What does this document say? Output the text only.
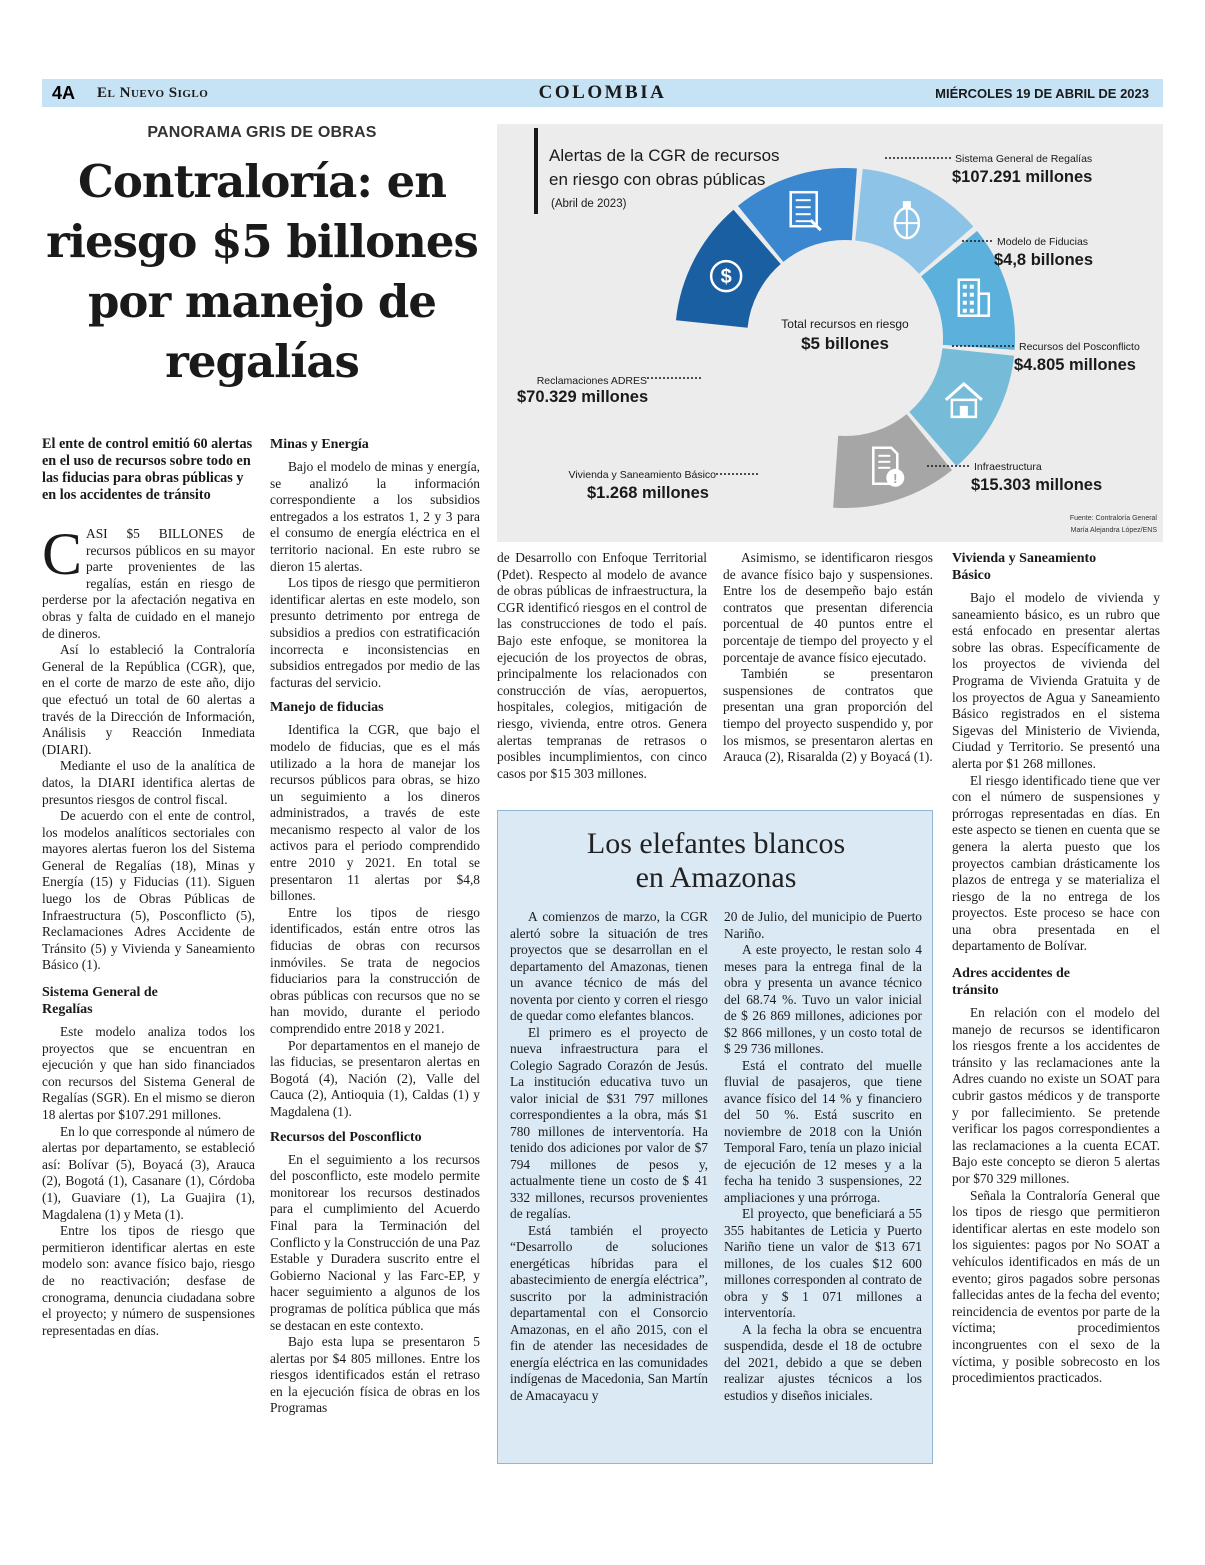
4A El Nuevo Siglo	COLOMBIA	MIÉRCOLES 19 DE ABRIL DE 2023
PANORAMA GRIS DE OBRAS
Contraloría: en riesgo $5 billones por manejo de regalías
El ente de control emitió 60 alertas en el uso de recursos sobre todo en las fiducias para obras públicas y en los accidentes de tránsito

CASI $5 BILLONES de recursos públicos en su mayor parte provenientes de las regalías, están en riesgo de perderse por la afectación negativa en obras y falta de cuidado en el manejo de dineros.

Así lo estableció la Contraloría General de la República (CGR), que, en el corte de marzo de este año, dijo que efectuó un total de 60 alertas a través de la Dirección de Información, Análisis y Reacción Inmediata (DIARI).

Mediante el uso de la analítica de datos, la DIARI identifica alertas de presuntos riesgos de control fiscal.

De acuerdo con el ente de control, los modelos analíticos sectoriales con mayores alertas fueron los del Sistema General de Regalías (18), Minas y Energía (15) y Fiducias (11). Siguen luego los de Obras Públicas de Infraestructura (5), Posconflicto (5), Reclamaciones Adres Accidente de Tránsito (5) y Vivienda y Saneamiento Básico (1).

Sistema General de Regalías

Este modelo analiza todos los proyectos que se encuentran en ejecución y que han sido financiados con recursos del Sistema General de Regalías (SGR). En el mismo se dieron 18 alertas por $107.291 millones.

En lo que corresponde al número de alertas por departamento, se estableció así: Bolívar (5), Boyacá (3), Arauca (2), Bogotá (1), Casanare (1), Córdoba (1), Guaviare (1), La Guajira (1), Magdalena (1) y Meta (1).

Entre los tipos de riesgo que permitieron identificar alertas en este modelo son: avance físico bajo, riesgo de no reactivación; desfase de cronograma, denuncia ciudadana sobre el proyecto; y número de suspensiones representadas en días.

Minas y Energía

Bajo el modelo de minas y energía, se analizó la información correspondiente a los subsidios entregados a los estratos 1, 2 y 3 para el consumo de energía eléctrica en el territorio nacional. En este rubro se dieron 15 alertas.

Los tipos de riesgo que permitieron identificar alertas en este modelo, son presunto detrimento por entrega de subsidios a predios con estratificación incorrecta e inconsistencias en subsidios entregados por medio de las facturas del servicio.

Manejo de fiducias

Identifica la CGR, que bajo el modelo de fiducias, que es el más utilizado a la hora de manejar los recursos públicos para obras, se hizo un seguimiento a los dineros administrados, a través de este mecanismo respecto al valor de los activos para el periodo comprendido entre 2010 y 2021. En total se presentaron 11 alertas por $4,8 billones.

Entre los tipos de riesgo identificados, están entre otros las fiducias de obras con recursos inmóviles. Se trata de negocios fiduciarios para la construcción de obras públicas con recursos que no se han movido, durante el periodo comprendido entre 2018 y 2021.

Por departamentos en el manejo de las fiducias, se presentaron alertas en Bogotá (4), Nación (2), Valle del Cauca (2), Antioquia (1), Caldas (1) y Magdalena (1).

Recursos del Posconflicto

En el seguimiento a los recursos del posconflicto, este modelo permite monitorear los recursos destinados para el cumplimiento del Acuerdo Final para la Terminación del Conflicto y la Construcción de una Paz Estable y Duradera suscrito entre el Gobierno Nacional y las Farc-EP, y hacer seguimiento a algunos de los programas de política pública que más se destacan en este contexto.

Bajo esta lupa se presentaron 5 alertas por $4 805 millones. Entre los riesgos identificados están el retraso en la ejecución física de obras en los Programas

Alertas de la CGR de recursos
en riesgo con obras públicas
(Abril de 2023)
$
!
Total recursos en riesgo
$5 billones
Sistema General de Regalías
$107.291 millones
Modelo de Fiducias
$4,8 billones
Recursos del Posconflicto
$4.805 millones
Infraestructura
$15.303 millones
Vivienda y Saneamiento Básico
$1.268 millones
Reclamaciones ADRES
$70.329 millones
Fuente: Contraloría General
María Alejandra López/ENS

de Desarrollo con Enfoque Territorial (Pdet). Respecto al modelo de avance de obras públicas de infraestructura, la CGR identificó riesgos en el control de las construcciones de todo el país. Bajo este enfoque, se monitorea la ejecución de los proyectos de obras, principalmente los relacionados con construcción de vías, aeropuertos, hospitales, colegios, mitigación de riesgo, vivienda, entre otros. Genera alertas tempranas de retrasos o posibles incumplimientos, con cinco casos por $15 303 millones.

Asimismo, se identificaron riesgos de avance físico bajo y suspensiones. Entre los de desempeño bajo están contratos que presentan diferencia porcentual de 40 puntos entre el porcentaje de tiempo del proyecto y el porcentaje de avance físico ejecutado.

También se presentaron suspensiones de contratos que presentan una gran proporción del tiempo del proyecto suspendido y, por los mismos, se presentaron alertas en Arauca (2), Risaralda (2) y Boyacá (1).

Vivienda y Saneamiento Básico

Bajo el modelo de vivienda y saneamiento básico, es un rubro que está enfocado en presentar alertas sobre las obras. Específicamente de los proyectos de vivienda del Programa de Vivienda Gratuita y de los proyectos de Agua y Saneamiento Básico registrados en el sistema Sigevas del Ministerio de Vivienda, Ciudad y Territorio. Se presentó una alerta por $1 268 millones.

El riesgo identificado tiene que ver con el número de suspensiones y prórrogas representadas en días. En este aspecto se tienen en cuenta que se genera la alerta puesto que los proyectos cambian drásticamente los plazos de entrega y se materializa el riesgo de la no entrega de los proyectos. Este proceso se hace con una obra presentada en el departamento de Bolívar.

Adres accidentes de tránsito

En relación con el modelo del manejo de recursos se identificaron los riesgos frente a los accidentes de tránsito y las reclamaciones ante la Adres cuando no existe un SOAT para cubrir gastos médicos y de transporte y por fallecimiento. Se pretende verificar los pagos correspondientes a las reclamaciones a la cuenta ECAT. Bajo este concepto se dieron 5 alertas por $70 329 millones.

Señala la Contraloría General que los tipos de riesgo que permitieron identificar alertas en este modelo son los siguientes: pagos por No SOAT a vehículos identificados en más de un evento; giros pagados sobre personas fallecidas antes de la fecha del evento; reincidencia de eventos por parte de la víctima; procedimientos incongruentes con el sexo de la víctima, y posible sobrecosto en los procedimientos practicados.

Los elefantes blancos
en Amazonas

A comienzos de marzo, la CGR alertó sobre la situación de tres proyectos que se desarrollan en el departamento del Amazonas, tienen un avance técnico de más del noventa por ciento y corren el riesgo de quedar como elefantes blancos.

El primero es el proyecto de nueva infraestructura para el Colegio Sagrado Corazón de Jesús. La institución educativa tuvo un valor inicial de $31 797 millones correspondientes a la obra, más $1 780 millones de interventoría. Ha tenido dos adiciones por valor de $7 794 millones de pesos y, actualmente tiene un costo de $ 41 332 millones, recursos provenientes de regalías.

Está también el proyecto “Desarrollo de soluciones energéticas híbridas para el abastecimiento de energía eléctrica”, suscrito por la administración departamental con el Consorcio Amazonas, en el año 2015, con el fin de atender las necesidades de energía eléctrica en las comunidades indígenas de Macedonia, San Martín de Amacayacu y

20 de Julio, del municipio de Puerto Nariño.

A este proyecto, le restan solo 4 meses para la entrega final de la obra y presenta un avance técnico del 68.74 %. Tuvo un valor inicial de $ 26 869 millones, adiciones por $2 866 millones, y un costo total de $ 29 736 millones.

Está el contrato del muelle fluvial de pasajeros, que tiene avance físico del 14 % y financiero del 50 %. Está suscrito en noviembre de 2018 con la Unión Temporal Faro, tenía un plazo inicial de ejecución de 12 meses y a la fecha ha tenido 3 suspensiones, 22 ampliaciones y una prórroga.

El proyecto, que beneficiará a 55 355 habitantes de Leticia y Puerto Nariño tiene un valor de $13 671 millones, de los cuales $12 600 millones corresponden al contrato de obra y $ 1 071 millones a interventoría.

A la fecha la obra se encuentra suspendida, desde el 18 de octubre del 2021, debido a que se deben realizar ajustes técnicos a los estudios y diseños iniciales.
